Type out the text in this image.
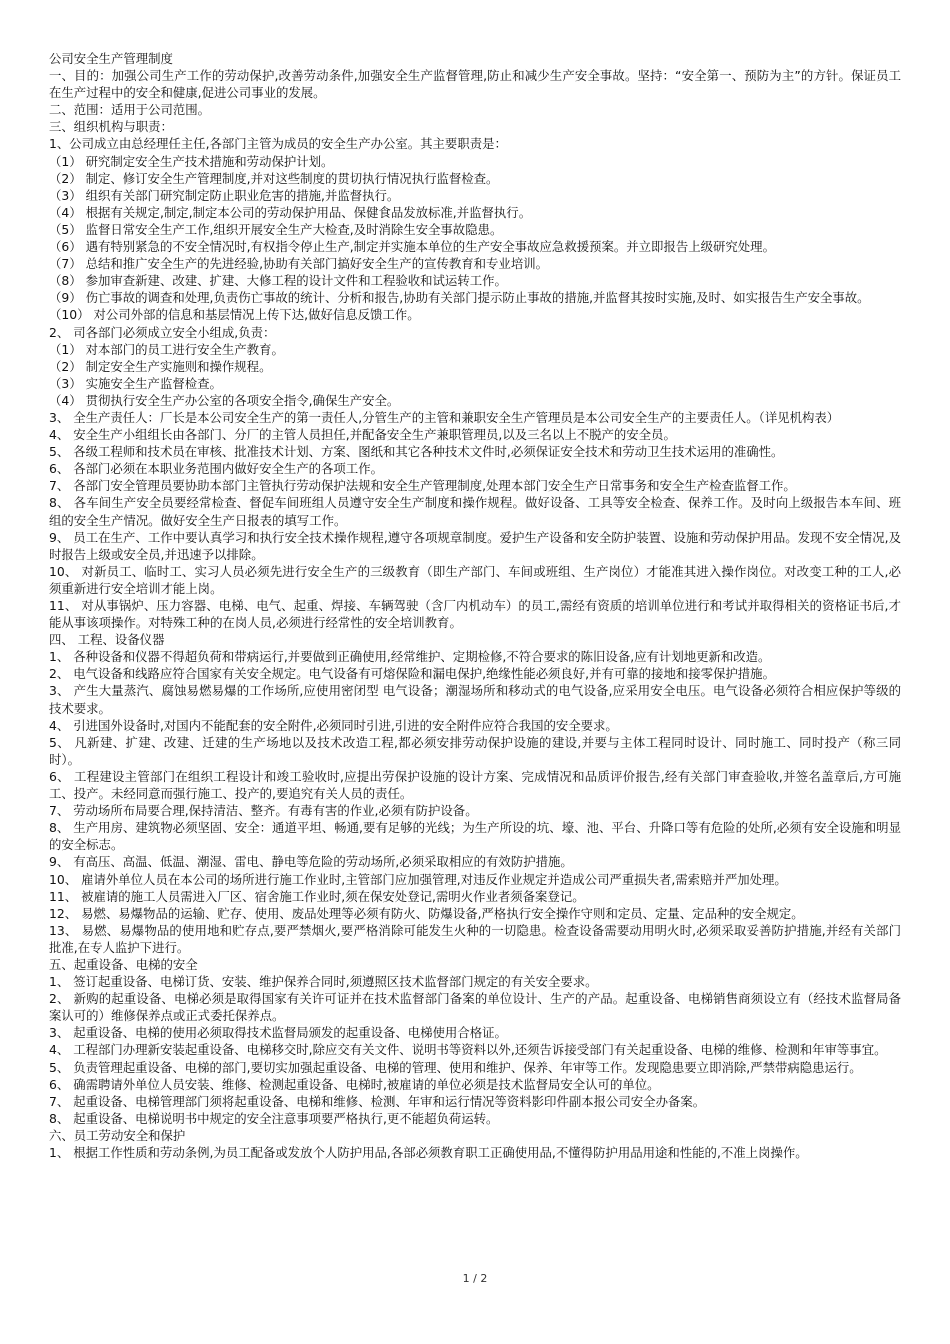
公司安全生产管理制度
一、目的：加强公司生产工作的劳动保护,改善劳动条件,加强安全生产监督管理,防止和减少生产安全事故。坚持：“安全第一、预防为主”的方针。保证员工在生产过程中的安全和健康,促进公司事业的发展。
二、范围：适用于公司范围。
三、组织机构与职责：
1、公司成立由总经理任主任,各部门主管为成员的安全生产办公室。其主要职责是：
（1） 研究制定安全生产技术措施和劳动保护计划。
（2） 制定、修订安全生产管理制度,并对这些制度的贯切执行情况执行监督检查。
（3） 组织有关部门研究制定防止职业危害的措施,并监督执行。
（4） 根据有关规定,制定,制定本公司的劳动保护用品、保健食品发放标准,并监督执行。
（5） 监督日常安全生产工作,组织开展安全生产大检查,及时消除生安全事故隐患。
（6） 遇有特别紧急的不安全情况时,有权指令停止生产,制定并实施本单位的生产安全事故应急救援预案。并立即报告上级研究处理。
（7） 总结和推广安全生产的先进经验,协助有关部门搞好安全生产的宣传教育和专业培训。
（8） 参加审查新建、改建、扩建、大修工程的设计文件和工程验收和试运转工作。
（9） 伤亡事故的调查和处理,负责伤亡事故的统计、分析和报告,协助有关部门提示防止事故的措施,并监督其按时实施,及时、如实报告生产安全事故。
（10） 对公司外部的信息和基层情况上传下达,做好信息反馈工作。
2、 司各部门必须成立安全小组成,负责：
（1） 对本部门的员工进行安全生产教育。
（2） 制定安全生产实施则和操作规程。
（3） 实施安全生产监督检查。
（4） 贯彻执行安全生产办公室的各项安全指令,确保生产安全。
3、 全生产责任人：厂长是本公司安全生产的第一责任人,分管生产的主管和兼职安全生产管理员是本公司安全生产的主要责任人。（详见机构表）
4、 安全生产小组组长由各部门、分厂的主管人员担任,并配备安全生产兼职管理员,以及三名以上不脱产的安全员。
5、 各级工程师和技术员在审核、批准技术计划、方案、图纸和其它各种技术文件时,必须保证安全技术和劳动卫生技术运用的准确性。
6、 各部门必须在本职业务范围内做好安全生产的各项工作。
7、 各部门安全管理员要协助本部门主管执行劳动保护法规和安全生产管理制度,处理本部门安全生产日常事务和安全生产检查监督工作。
8、 各车间生产安全员要经常检查、督促车间班组人员遵守安全生产制度和操作规程。做好设备、工具等安全检查、保养工作。及时向上级报告本车间、班组的安全生产情况。做好安全生产日报表的填写工作。
9、 员工在生产、工作中要认真学习和执行安全技术操作规程,遵守各项规章制度。爱护生产设备和安全防护装置、设施和劳动保护用品。发现不安全情况,及时报告上级或安全员,并迅速予以排除。
10、 对新员工、临时工、实习人员必须先进行安全生产的三级教育（即生产部门、车间或班组、生产岗位）才能准其进入操作岗位。对改变工种的工人,必须重新进行安全培训才能上岗。
11、 对从事锅炉、压力容器、电梯、电气、起重、焊接、车辆驾驶（含厂内机动车）的员工,需经有资质的培训单位进行和考试并取得相关的资格证书后,才能从事该项操作。对特殊工种的在岗人员,必须进行经常性的安全培训教育。
四、 工程、设备仪器
1、 各种设备和仪器不得超负荷和带病运行,并要做到正确使用,经常维护、定期检修,不符合要求的陈旧设备,应有计划地更新和改造。
2、 电气设备和线路应符合国家有关安全规定。电气设备有可熔保险和漏电保护,绝缘性能必须良好,并有可靠的接地和接零保护措施。
3、 产生大量蒸汽、腐蚀易燃易爆的工作场所,应使用密闭型 电气设备；潮湿场所和移动式的电气设备,应采用安全电压。电气设备必须符合相应保护等级的技术要求。
4、 引进国外设备时,对国内不能配套的安全附件,必须同时引进,引进的安全附件应符合我国的安全要求。
5、 凡新建、扩建、改建、迁建的生产场地以及技术改造工程,都必须安排劳动保护设施的建设,并要与主体工程同时设计、同时施工、同时投产（称三同时）。
6、 工程建设主管部门在组织工程设计和竣工验收时,应提出劳保护设施的设计方案、完成情况和品质评价报告,经有关部门审查验收,并签名盖章后,方可施工、投产。未经同意而强行施工、投产的,要追究有关人员的责任。
7、 劳动场所布局要合理,保持清洁、整齐。有毒有害的作业,必须有防护设备。
8、 生产用房、建筑物必须坚固、安全：通道平坦、畅通,要有足够的光线；为生产所设的坑、壕、池、平台、升降口等有危险的处所,必须有安全设施和明显的安全标志。
9、 有高压、高温、低温、潮湿、雷电、静电等危险的劳动场所,必须采取相应的有效防护措施。
10、 雇请外单位人员在本公司的场所进行施工作业时,主管部门应加强管理,对违反作业规定并造成公司严重损失者,需索赔并严加处理。
11、 被雇请的施工人员需进入厂区、宿舍施工作业时,须在保安处登记,需明火作业者须备案登记。
12、 易燃、易爆物品的运输、贮存、使用、废品处理等必须有防火、防爆设备,严格执行安全操作守则和定员、定量、定品种的安全规定。
13、 易燃、易爆物品的使用地和贮存点,要严禁烟火,要严格消除可能发生火种的一切隐患。检查设备需要动用明火时,必须采取妥善防护措施,并经有关部门批准,在专人监护下进行。
五、起重设备、电梯的安全
1、 签订起重设备、电梯订货、安装、维护保养合同时,须遵照区技术监督部门规定的有关安全要求。
2、 新购的起重设备、电梯必须是取得国家有关许可证并在技术监督部门备案的单位设计、生产的产品。起重设备、电梯销售商须设立有（经技术监督局备案认可的）维修保养点或正式委托保养点。
3、 起重设备、电梯的使用必须取得技术监督局颁发的起重设备、电梯使用合格证。
4、 工程部门办理新安装起重设备、电梯移交时,除应交有关文件、说明书等资料以外,还须告诉接受部门有关起重设备、电梯的维修、检测和年审等事宜。
5、 负责管理起重设备、电梯的部门,要切实加强起重设备、电梯的管理、使用和维护、保养、年审等工作。发现隐患要立即消除,严禁带病隐患运行。
6、 确需聘请外单位人员安装、维修、检测起重设备、电梯时,被雇请的单位必须是技术监督局安全认可的单位。
7、 起重设备、电梯管理部门须将起重设备、电梯和维修、检测、年审和运行情况等资料影印件副本报公司安全办备案。
8、 起重设备、电梯说明书中规定的安全注意事项要严格执行,更不能超负荷运转。
六、员工劳动安全和保护
1、 根据工作性质和劳动条例,为员工配备或发放个人防护用品,各部必须教育职工正确使用品,不懂得防护用品用途和性能的,不准上岗操作。
1 / 2
